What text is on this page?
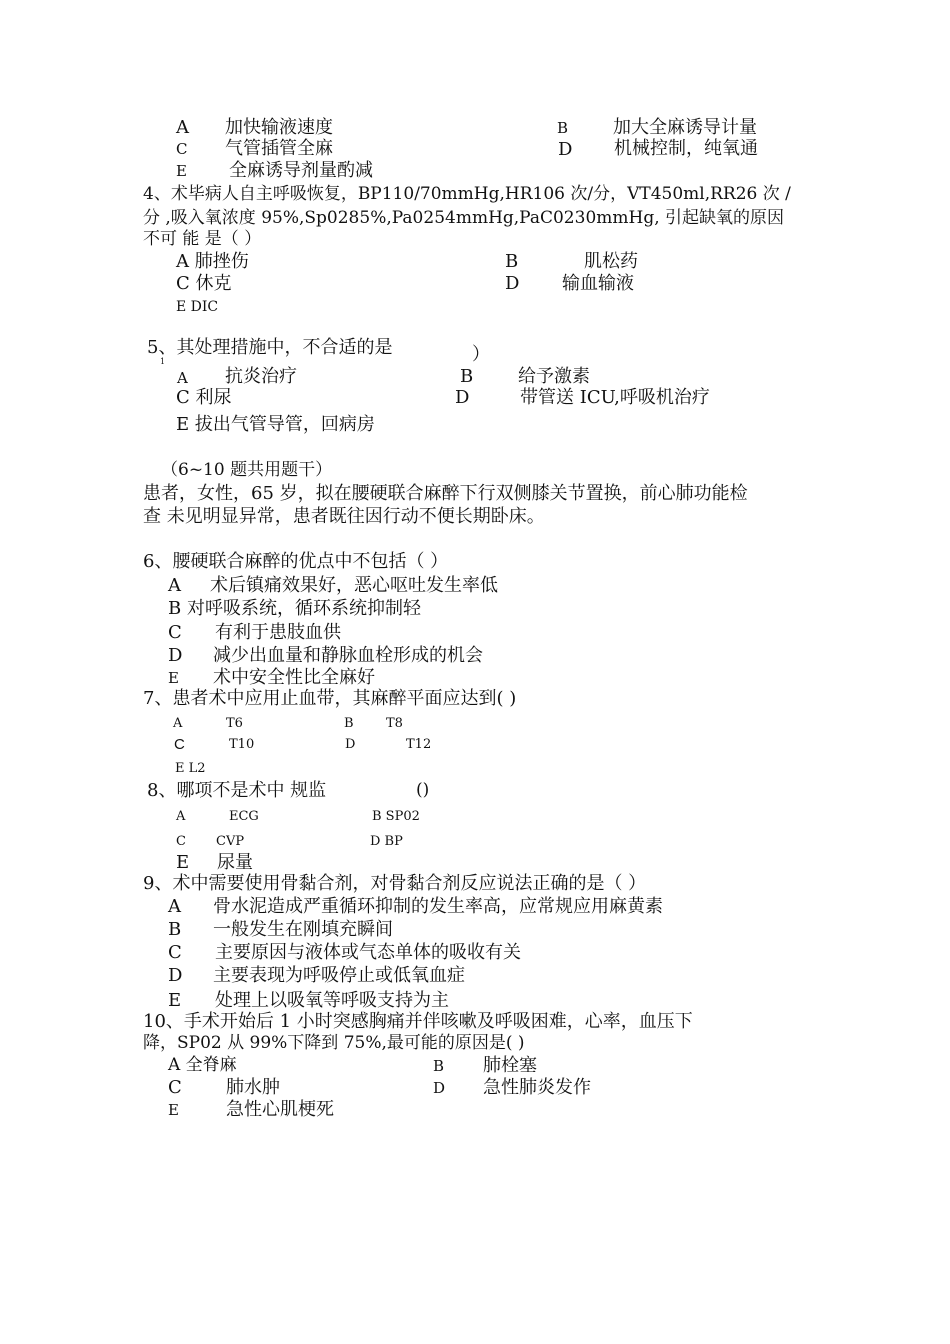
A 加快输液速度	B 加大全麻诱导计量
C 气管插管全麻	D 机械控制，纯氧通
E 全麻诱导剂量酌减
4、术毕病人自主呼吸恢复，BP110/70mmHg,HR106 次/分，VT450ml,RR26 次 /
分 ,吸入氧浓度 95%,Sp0285%,Pa0254mmHg,PaC0230mmHg, 引起缺氧的原因
不可 能 是（ ）
A 肺挫伤	B	肌松药
C 休克	D 输血输液
E DIC
5、其处理措施中，不合适的是	）
1
A 抗炎治疗	B 给予激素
C 利尿	D	带管送 ICU,呼吸机治疗
E 拔出气管导管，回病房
（6~10 题共用题干）
患者，女性，65 岁，拟在腰硬联合麻醉下行双侧膝关节置换，前心肺功能检
查 未见明显异常，患者既往因行动不便长期卧床。
6、腰硬联合麻醉的优点中不包括（ ）
A 术后镇痛效果好，恶心呕吐发生率低
B 对呼吸系统，循环系统抑制轻
C 有利于患肢血供
D 减少出血量和静脉血栓形成的机会
E 术中安全性比全麻好
7、患者术中应用止血带，其麻醉平面应达到( )
A	T6	B T8
C	T10	D	T12
E L2
8、哪项不是术中 规监	()
A	ECG	B SP02
C CVP	D BP
E 尿量
9、术中需要使用骨黏合剂，对骨黏合剂反应说法正确的是（ ）
A 骨水泥造成严重循环抑制的发生率高，应常规应用麻黄素
B 一般发生在刚填充瞬间
C 主要原因与液体或气态单体的吸收有关
D 主要表现为呼吸停止或低氧血症
E 处理上以吸氧等呼吸支持为主
10、手术开始后 1 小时突感胸痛并伴咳嗽及呼吸困难，心率，血压下
降，SP02 从 99%下降到 75%,最可能的原因是( )
A 全脊麻	B 肺栓塞
C 肺水肿	D 急性肺炎发作
E	急性心肌梗死
